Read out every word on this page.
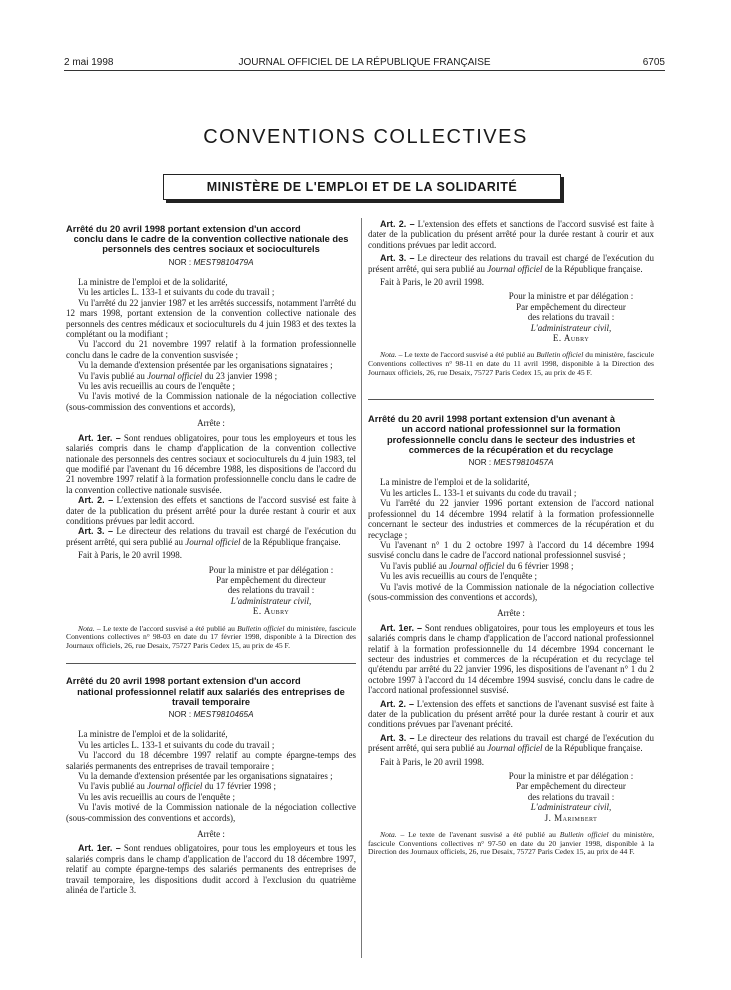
2 mai 1998	JOURNAL OFFICIEL DE LA RÉPUBLIQUE FRANÇAISE	6705
CONVENTIONS COLLECTIVES
MINISTÈRE DE L'EMPLOI ET DE LA SOLIDARITÉ
Arrêté du 20 avril 1998 portant extension d'un accord
conclu dans le cadre de la convention collective nationale des personnels des centres sociaux et socioculturels
NOR : MEST9810479A

La ministre de l'emploi et de la solidarité,

Vu les articles L. 133-1 et suivants du code du travail ;

Vu l'arrêté du 22 janvier 1987 et les arrêtés successifs, notamment l'arrêté du 12 mars 1998, portant extension de la convention collective nationale des personnels des centres médicaux et socioculturels du 4 juin 1983 et des textes la complétant ou la modifiant ;

Vu l'accord du 21 novembre 1997 relatif à la formation professionnelle conclu dans le cadre de la convention susvisée ;

Vu la demande d'extension présentée par les organisations signataires ;

Vu l'avis publié au Journal officiel du 23 janvier 1998 ;

Vu les avis recueillis au cours de l'enquête ;

Vu l'avis motivé de la Commission nationale de la négociation collective (sous-commission des conventions et accords),

Arrête :

Art. 1er. – Sont rendues obligatoires, pour tous les employeurs et tous les salariés compris dans le champ d'application de la convention collective nationale des personnels des centres sociaux et socioculturels du 4 juin 1983, tel que modifié par l'avenant du 16 décembre 1988, les dispositions de l'accord du 21 novembre 1997 relatif à la formation professionnelle conclu dans le cadre de la convention collective nationale susvisée.

Art. 2. – L'extension des effets et sanctions de l'accord susvisé est faite à dater de la publication du présent arrêté pour la durée restant à courir et aux conditions prévues par ledit accord.

Art. 3. – Le directeur des relations du travail est chargé de l'exécution du présent arrêté, qui sera publié au Journal officiel de la République française.

Fait à Paris, le 20 avril 1998.

Pour la ministre et par délégation :

Par empêchement du directeur

des relations du travail :

L'administrateur civil,

E. Aubry

Nota. – Le texte de l'accord susvisé a été publié au Bulletin officiel du ministère, fascicule Conventions collectives n° 98-03 en date du 17 février 1998, disponible à la Direction des Journaux officiels, 26, rue Desaix, 75727 Paris Cedex 15, au prix de 45 F.

Arrêté du 20 avril 1998 portant extension d'un accord
national professionnel relatif aux salariés des entreprises de travail temporaire
NOR : MEST9810465A

La ministre de l'emploi et de la solidarité,

Vu les articles L. 133-1 et suivants du code du travail ;

Vu l'accord du 18 décembre 1997 relatif au compte épargne-temps des salariés permanents des entreprises de travail temporaire ;

Vu la demande d'extension présentée par les organisations signataires ;

Vu l'avis publié au Journal officiel du 17 février 1998 ;

Vu les avis recueillis au cours de l'enquête ;

Vu l'avis motivé de la Commission nationale de la négociation collective (sous-commission des conventions et accords),

Arrête :

Art. 1er. – Sont rendues obligatoires, pour tous les employeurs et tous les salariés compris dans le champ d'application de l'accord du 18 décembre 1997, relatif au compte épargne-temps des salariés permanents des entreprises de travail temporaire, les dispositions dudit accord à l'exclusion du quatrième alinéa de l'article 3.

Art. 2. – L'extension des effets et sanctions de l'accord susvisé est faite à dater de la publication du présent arrêté pour la durée restant à courir et aux conditions prévues par ledit accord.

Art. 3. – Le directeur des relations du travail est chargé de l'exécution du présent arrêté, qui sera publié au Journal officiel de la République française.

Fait à Paris, le 20 avril 1998.

Pour la ministre et par délégation :

Par empêchement du directeur

des relations du travail :

L'administrateur civil,

E. Aubry

Nota. – Le texte de l'accord susvisé a été publié au Bulletin officiel du ministère, fascicule Conventions collectives n° 98-11 en date du 11 avril 1998, disponible à la Direction des Journaux officiels, 26, rue Desaix, 75727 Paris Cedex 15, au prix de 45 F.

Arrêté du 20 avril 1998 portant extension d'un avenant à
un accord national professionnel sur la formation professionnelle conclu dans le secteur des industries et commerces de la récupération et du recyclage
NOR : MEST9810457A

La ministre de l'emploi et de la solidarité,

Vu les articles L. 133-1 et suivants du code du travail ;

Vu l'arrêté du 22 janvier 1996 portant extension de l'accord national professionnel du 14 décembre 1994 relatif à la formation professionnelle concernant le secteur des industries et commerces de la récupération et du recyclage ;

Vu l'avenant n° 1 du 2 octobre 1997 à l'accord du 14 décembre 1994 susvisé conclu dans le cadre de l'accord national professionnel susvisé ;

Vu l'avis publié au Journal officiel du 6 février 1998 ;

Vu les avis recueillis au cours de l'enquête ;

Vu l'avis motivé de la Commission nationale de la négociation collective (sous-commission des conventions et accords),

Arrête :

Art. 1er. – Sont rendues obligatoires, pour tous les employeurs et tous les salariés compris dans le champ d'application de l'accord national professionnel relatif à la formation professionnelle du 14 décembre 1994 concernant le secteur des industries et commerces de la récupération et du recyclage tel qu'étendu par arrêté du 22 janvier 1996, les dispositions de l'avenant n° 1 du 2 octobre 1997 à l'accord du 14 décembre 1994 susvisé, conclu dans le cadre de l'accord national professionnel susvisé.

Art. 2. – L'extension des effets et sanctions de l'avenant susvisé est faite à dater de la publication du présent arrêté pour la durée restant à courir et aux conditions prévues par l'avenant précité.

Art. 3. – Le directeur des relations du travail est chargé de l'exécution du présent arrêté, qui sera publié au Journal officiel de la République française.

Fait à Paris, le 20 avril 1998.

Pour la ministre et par délégation :

Par empêchement du directeur

des relations du travail :

L'administrateur civil,

J. Marimbert

Nota. – Le texte de l'avenant susvisé a été publié au Bulletin officiel du ministère, fascicule Conventions collectives n° 97-50 en date du 20 janvier 1998, disponible à la Direction des Journaux officiels, 26, rue Desaix, 75727 Paris Cedex 15, au prix de 44 F.
